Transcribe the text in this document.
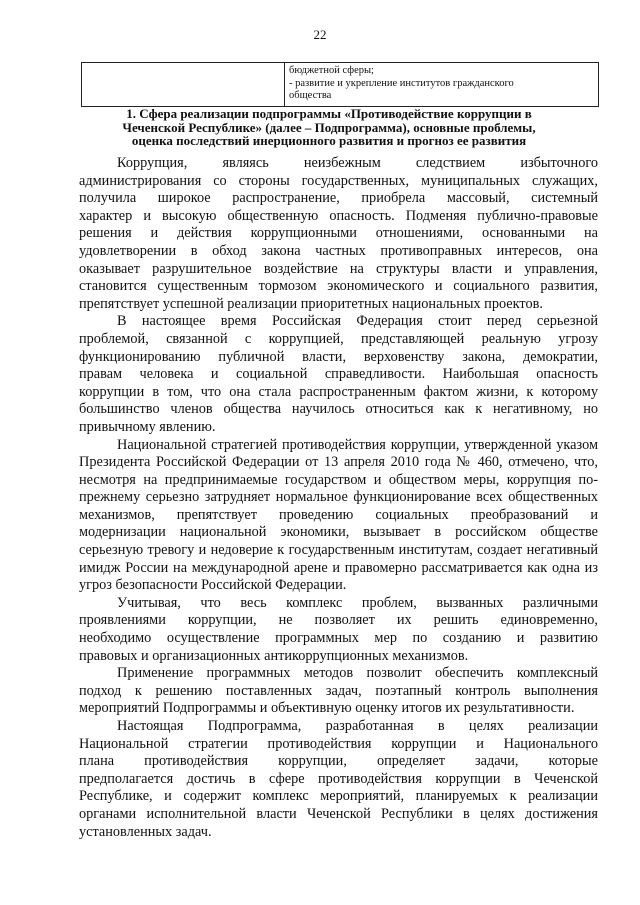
22
бюджетной сферы;
- развитие и укрепление институтов гражданского
общества
1. Сфера реализации подпрограммы «Противодействие коррупции в
Чеченской Республике» (далее – Подпрограмма), основные проблемы,
оценка последствий инерционного развития и прогноз ее развития
Коррупция, являясь неизбежным следствием избыточного
администрирования со стороны государственных, муниципальных служащих,
получила широкое распространение, приобрела массовый, системный
характер и высокую общественную опасность. Подменяя публично-правовые
решения и действия коррупционными отношениями, основанными на
удовлетворении в обход закона частных противоправных интересов, она
оказывает разрушительное воздействие на структуры власти и управления,
становится существенным тормозом экономического и социального развития,
препятствует успешной реализации приоритетных национальных проектов.
В настоящее время Российская Федерация стоит перед серьезной
проблемой, связанной с коррупцией, представляющей реальную угрозу
функционированию публичной власти, верховенству закона, демократии,
правам человека и социальной справедливости. Наибольшая опасность
коррупции в том, что она стала распространенным фактом жизни, к которому
большинство членов общества научилось относиться как к негативному, но
привычному явлению.
Национальной стратегией противодействия коррупции, утвержденной указом
Президента Российской Федерации от 13 апреля 2010 года № 460, отмечено, что,
несмотря на предпринимаемые государством и обществом меры, коррупция по-
прежнему серьезно затрудняет нормальное функционирование всех общественных
механизмов, препятствует проведению социальных преобразований и
модернизации национальной экономики, вызывает в российском обществе
серьезную тревогу и недоверие к государственным институтам, создает негативный
имидж России на международной арене и правомерно рассматривается как одна из
угроз безопасности Российской Федерации.
Учитывая, что весь комплекс проблем, вызванных различными
проявлениями коррупции, не позволяет их решить единовременно,
необходимо осуществление программных мер по созданию и развитию
правовых и организационных антикоррупционных механизмов.
Применение программных методов позволит обеспечить комплексный
подход к решению поставленных задач, поэтапный контроль выполнения
мероприятий Подпрограммы и объективную оценку итогов их результативности.
Настоящая Подпрограмма, разработанная в целях реализации
Национальной стратегии противодействия коррупции и Национального
плана противодействия коррупции, определяет задачи, которые
предполагается достичь в сфере противодействия коррупции в Чеченской
Республике, и содержит комплекс мероприятий, планируемых к реализации
органами исполнительной власти Чеченской Республики в целях достижения
установленных задач.
